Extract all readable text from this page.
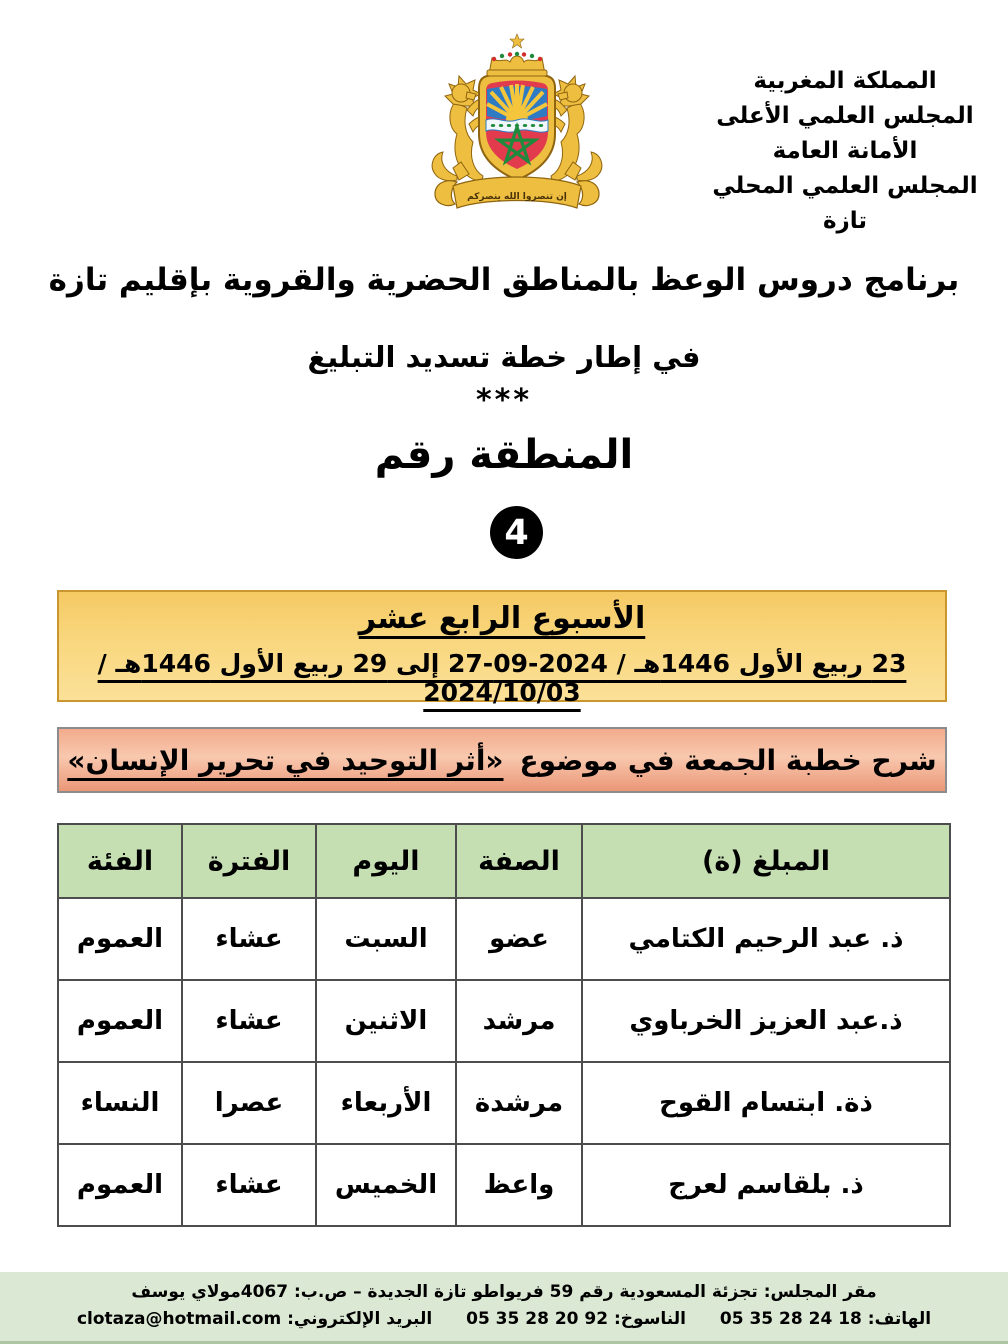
المملكة المغربية
المجلس العلمي الأعلى
الأمانة العامة
المجلس العلمي المحلي
تازة
إن تنصروا الله ينصركم
برنامج دروس الوعظ بالمناطق الحضرية والقروية بإقليم تازة
في إطار خطة تسديد التبليغ
***
المنطقة رقم
4
الأسبوع الرابع عشر 23 ربيع الأول 1446هـ / 2024-09-27 إلى 29 ربيع الأول 1446هـ / 2024/10/03
شرح خطبة الجمعة في موضوع
«أثر التوحيد في تحرير الإنسان»
المبلغ (ة)	الصفة	اليوم	الفترة	الفئة
ذ. عبد الرحيم الكتامي	عضو	السبت	عشاء	العموم
ذ.عبد العزيز الخرباوي	مرشد	الاثنين	عشاء	العموم
ذة. ابتسام القوح	مرشدة	الأربعاء	عصرا	النساء
ذ. بلقاسم لعرج	واعظ	الخميس	عشاء	العموم
مقر المجلس: تجزئة المسعودية رقم 59 فريواطو تازة الجديدة – ص.ب: 4067مولاي يوسف
الهاتف: 05 35 28 24 18 الناسوخ: 05 35 28 20 92 البريد الإلكتروني: clotaza@hotmail.com
